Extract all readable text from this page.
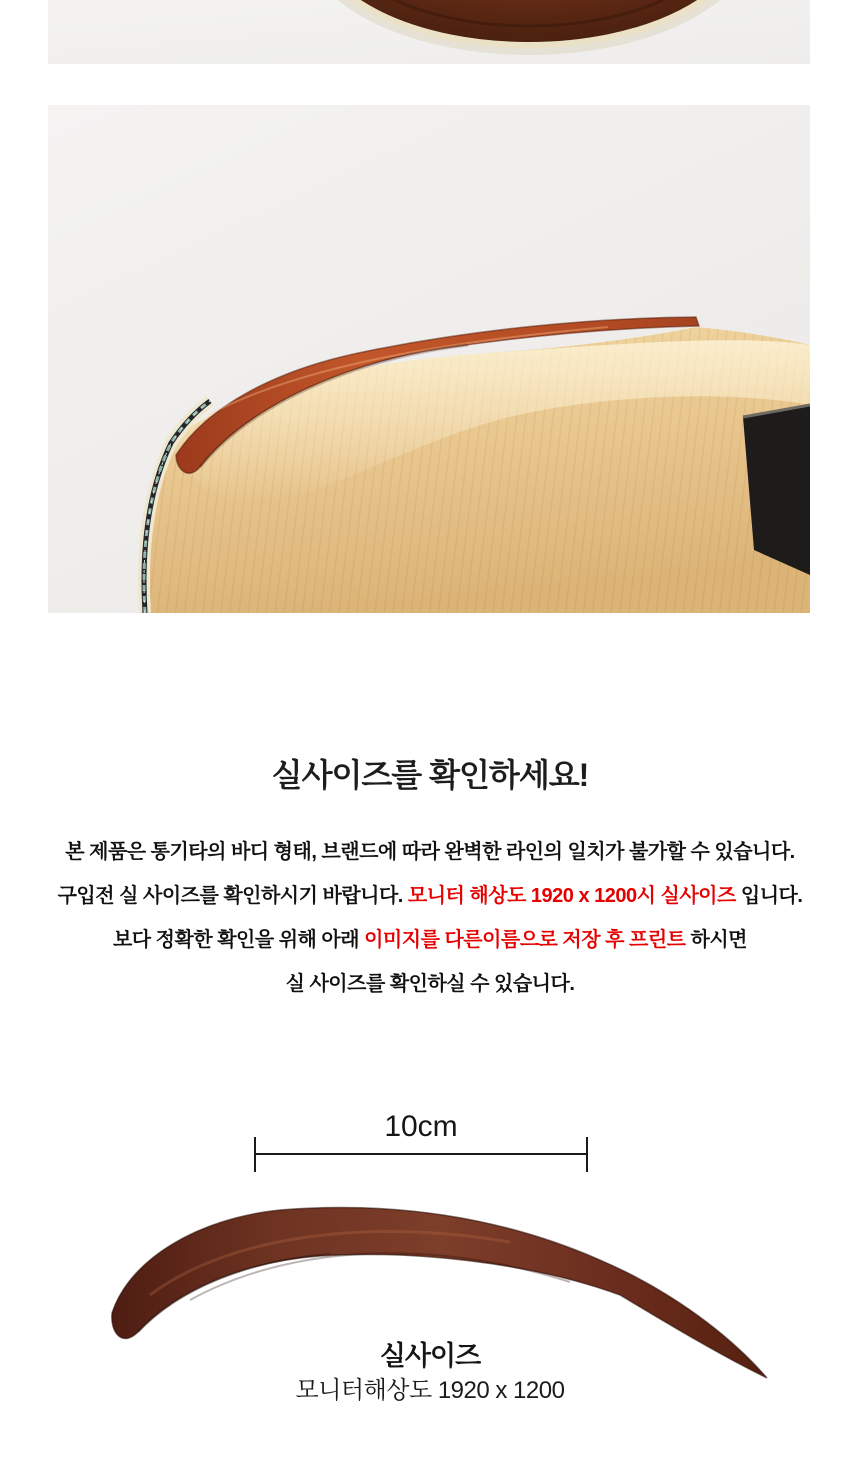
실사이즈를 확인하세요!
본 제품은 통기타의 바디 형태, 브랜드에 따라 완벽한 라인의 일치가 불가할 수 있습니다.
구입전 실 사이즈를 확인하시기 바랍니다. 모니터 해상도 1920 x 1200시 실사이즈 입니다.
보다 정확한 확인을 위해 아래 이미지를 다른이름으로 저장 후 프린트 하시면
실 사이즈를 확인하실 수 있습니다.
10cm
실사이즈
모니터해상도 1920 x 1200
